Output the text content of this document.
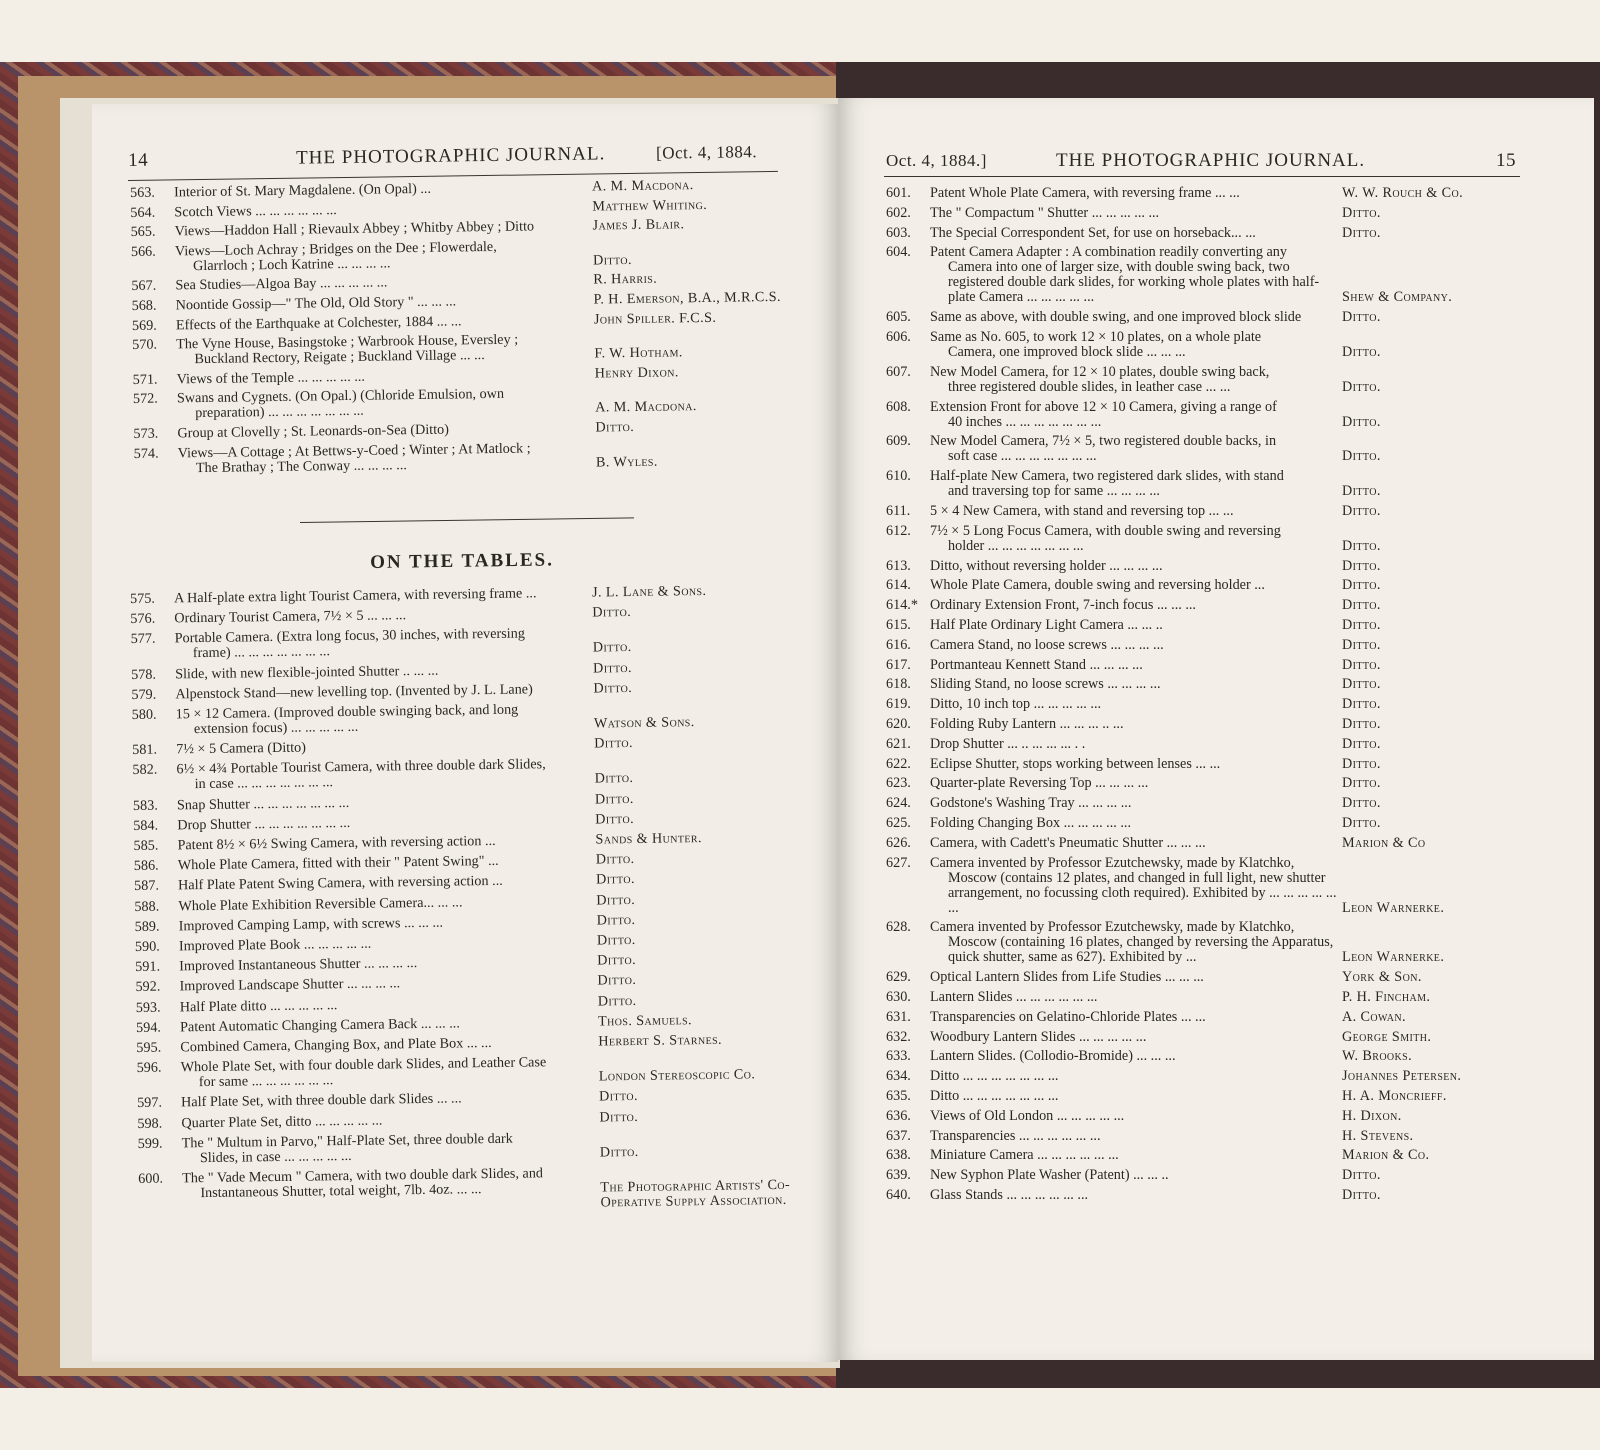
14	THE PHOTOGRAPHIC JOURNAL.	[Oct. 4, 1884.	Oct. 4, 1884.]	THE PHOTOGRAPHIC JOURNAL.	15
563.	Interior of St. Mary Magdalene. (On Opal) ...	A. M. Macdona.
564.	Scotch Views ... ... ... ... ... ...	Matthew Whiting.
565.	Views—Haddon Hall ; Rievaulx Abbey ; Whitby Abbey ; Ditto	James J. Blair.
566.	Views—Loch Achray ; Bridges on the Dee ; Flowerdale,
Glarrloch ; Loch Katrine ... ... ... ...	Ditto.
567.	Sea Studies—Algoa Bay ... ... ... ... ...	R. Harris.
568.	Noontide Gossip—" The Old, Old Story " ... ... ...	P. H. Emerson, B.A., M.R.C.S.
569.	Effects of the Earthquake at Colchester, 1884 ... ...	John Spiller. F.C.S.
570.	The Vyne House, Basingstoke ; Warbrook House, Eversley ;
Buckland Rectory, Reigate ; Buckland Village ... ...	F. W. Hotham.
571.	Views of the Temple ... ... ... ... ...	Henry Dixon.
572.	Swans and Cygnets. (On Opal.) (Chloride Emulsion, own
preparation) ... ... ... ... ... ... ...	A. M. Macdona.
573.	Group at Clovelly ; St. Leonards-on-Sea (Ditto)	Ditto.
574.	Views—A Cottage ; At Bettws-y-Coed ; Winter ; At Matlock ;
The Brathay ; The Conway ... ... ... ...	B. Wyles.
ON THE TABLES.
575.	A Half-plate extra light Tourist Camera, with reversing frame ...	J. L. Lane & Sons.
576.	Ordinary Tourist Camera, 7½ × 5 ... ... ...	Ditto.
577.	Portable Camera. (Extra long focus, 30 inches, with reversing
frame) ... ... ... ... ... ... ...	Ditto.
578.	Slide, with new flexible-jointed Shutter .. ... ...	Ditto.
579.	Alpenstock Stand—new levelling top. (Invented by J. L. Lane)	Ditto.
580.	15 × 12 Camera. (Improved double swinging back, and long
extension focus) ... ... ... ... ...	Watson & Sons.
581.	7½ × 5 Camera (Ditto)	Ditto.
582.	6½ × 4¾ Portable Tourist Camera, with three double dark Slides,
in case ... ... ... ... ... ... ...	Ditto.
583.	Snap Shutter ... ... ... ... ... ... ...	Ditto.
584.	Drop Shutter ... ... ... ... ... ... ...	Ditto.
585.	Patent 8½ × 6½ Swing Camera, with reversing action ...	Sands & Hunter.
586.	Whole Plate Camera, fitted with their " Patent Swing" ...	Ditto.
587.	Half Plate Patent Swing Camera, with reversing action ...	Ditto.
588.	Whole Plate Exhibition Reversible Camera... ... ...	Ditto.
589.	Improved Camping Lamp, with screws ... ... ...	Ditto.
590.	Improved Plate Book ... ... ... ... ...	Ditto.
591.	Improved Instantaneous Shutter ... ... ... ...	Ditto.
592.	Improved Landscape Shutter ... ... ... ...	Ditto.
593.	Half Plate ditto ... ... ... ... ...	Ditto.
594.	Patent Automatic Changing Camera Back ... ... ...	Thos. Samuels.
595.	Combined Camera, Changing Box, and Plate Box ... ...	Herbert S. Starnes.
596.	Whole Plate Set, with four double dark Slides, and Leather Case
for same ... ... ... ... ... ...	London Stereoscopic Co.
597.	Half Plate Set, with three double dark Slides ... ...	Ditto.
598.	Quarter Plate Set, ditto ... ... ... ... ...	Ditto.
599.	The " Multum in Parvo," Half-Plate Set, three double dark
Slides, in case ... ... ... ... ...	Ditto.
600.	The " Vade Mecum " Camera, with two double dark Slides, and
Instantaneous Shutter, total weight, 7lb. 4oz. ... ...	The Photographic Artists' Co-Operative Supply Association.
601.	Patent Whole Plate Camera, with reversing frame ... ...	W. W. Rouch & Co.
602.	The " Compactum " Shutter ... ... ... ... ...	Ditto.
603.	The Special Correspondent Set, for use on horseback... ...	Ditto.
604.	Patent Camera Adapter : A combination readily converting any
Camera into one of larger size, with double swing back, two registered double dark slides, for working whole plates with half-plate Camera ... ... ... ... ...	Shew & Company.
605.	Same as above, with double swing, and one improved block slide	Ditto.
606.	Same as No. 605, to work 12 × 10 plates, on a whole plate
Camera, one improved block slide ... ... ...	Ditto.
607.	New Model Camera, for 12 × 10 plates, double swing back,
three registered double slides, in leather case ... ...	Ditto.
608.	Extension Front for above 12 × 10 Camera, giving a range of
40 inches ... ... ... ... ... ... ...	Ditto.
609.	New Model Camera, 7½ × 5, two registered double backs, in
soft case ... ... ... ... ... ... ...	Ditto.
610.	Half-plate New Camera, two registered dark slides, with stand
and traversing top for same ... ... ... ...	Ditto.
611.	5 × 4 New Camera, with stand and reversing top ... ...	Ditto.
612.	7½ × 5 Long Focus Camera, with double swing and reversing
holder ... ... ... ... ... ... ...	Ditto.
613.	Ditto, without reversing holder ... ... ... ...	Ditto.
614.	Whole Plate Camera, double swing and reversing holder ...	Ditto.
614.* Ordinary Extension Front, 7-inch focus ... ... ...	Ditto.
615.	Half Plate Ordinary Light Camera ... ... ..	Ditto.
616.	Camera Stand, no loose screws ... ... ... ...	Ditto.
617.	Portmanteau Kennett Stand ... ... ... ...	Ditto.
618.	Sliding Stand, no loose screws ... ... ... ...	Ditto.
619.	Ditto, 10 inch top ... ... ... ... ...	Ditto.
620.	Folding Ruby Lantern ... ... ... .. ...	Ditto.
621.	Drop Shutter ... .. ... ... ... . .	Ditto.
622.	Eclipse Shutter, stops working between lenses ... ...	Ditto.
623.	Quarter-plate Reversing Top ... ... ... ...	Ditto.
624.	Godstone's Washing Tray ... ... ... ...	Ditto.
625.	Folding Changing Box ... ... ... ... ...	Ditto.
626.	Camera, with Cadett's Pneumatic Shutter ... ... ...	Marion & Co
627.	Camera invented by Professor Ezutchewsky, made by Klatchko,
Moscow (contains 12 plates, and changed in full light, new shutter arrangement, no focussing cloth required). Exhibited by ... ... ... ... ... ...	Leon Warnerke.
628.	Camera invented by Professor Ezutchewsky, made by Klatchko,
Moscow (containing 16 plates, changed by reversing the Apparatus, quick shutter, same as 627). Exhibited by ...	Leon Warnerke.
629.	Optical Lantern Slides from Life Studies ... ... ...	York & Son.
630.	Lantern Slides ... ... ... ... ... ...	P. H. Fincham.
631.	Transparencies on Gelatino-Chloride Plates ... ...	A. Cowan.
632.	Woodbury Lantern Slides ... ... ... ... ...	George Smith.
633.	Lantern Slides. (Collodio-Bromide) ... ... ...	W. Brooks.
634.	Ditto ... ... ... ... ... ... ...	Johannes Petersen.
635.	Ditto ... ... ... ... ... ... ...	H. A. Moncrieff.
636.	Views of Old London ... ... ... ... ...	H. Dixon.
637.	Transparencies ... ... ... ... ... ...	H. Stevens.
638.	Miniature Camera ... ... ... ... ... ...	Marion & Co.
639.	New Syphon Plate Washer (Patent) ... ... ..	Ditto.
640.	Glass Stands ... ... ... ... ... ...	Ditto.
